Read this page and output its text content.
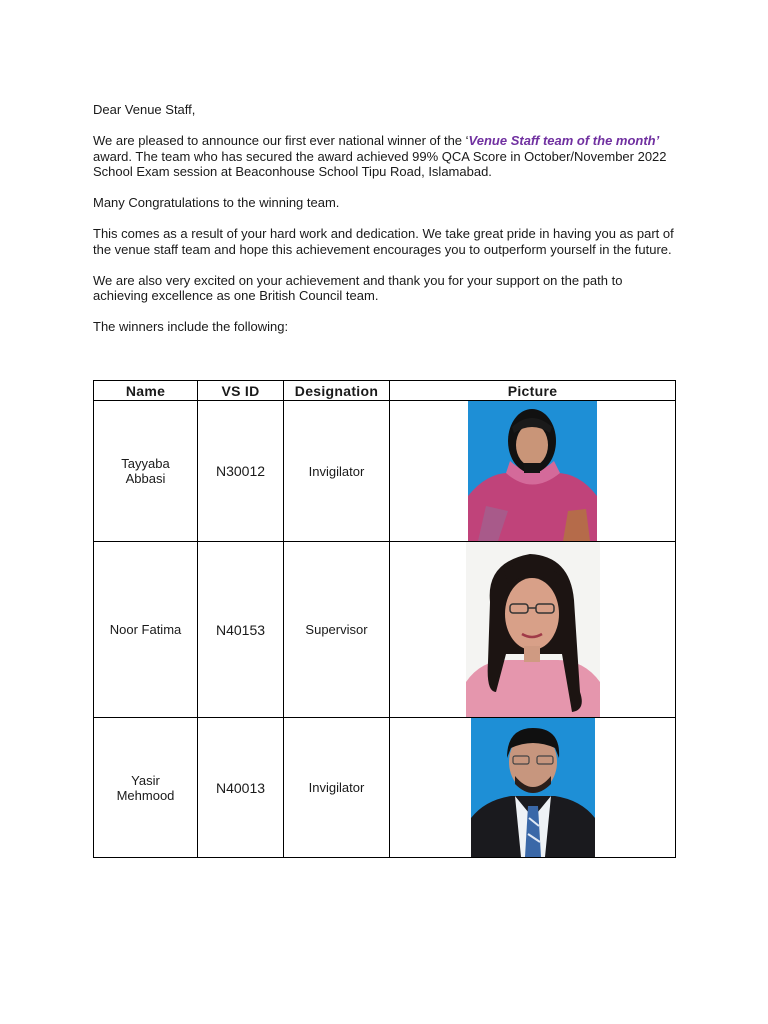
Dear Venue Staff,

We are pleased to announce our first ever national winner of the ‘Venue Staff team of the month’ award. The team who has secured the award achieved 99% QCA Score in October/November 2022 School Exam session at Beaconhouse School Tipu Road, Islamabad.

Many Congratulations to the winning team.

This comes as a result of your hard work and dedication. We take great pride in having you as part of the venue staff team and hope this achievement encourages you to outperform yourself in the future.

We are also very excited on your achievement and thank you for your support on the path to achieving excellence as one British Council team.

The winners include the following:

Name	VS ID	Designation	Picture

Tayyaba Abbasi	N30012	Invigilator	

Noor Fatima	N40153	Supervisor	

Yasir Mehmood	N40013	Invigilator	
